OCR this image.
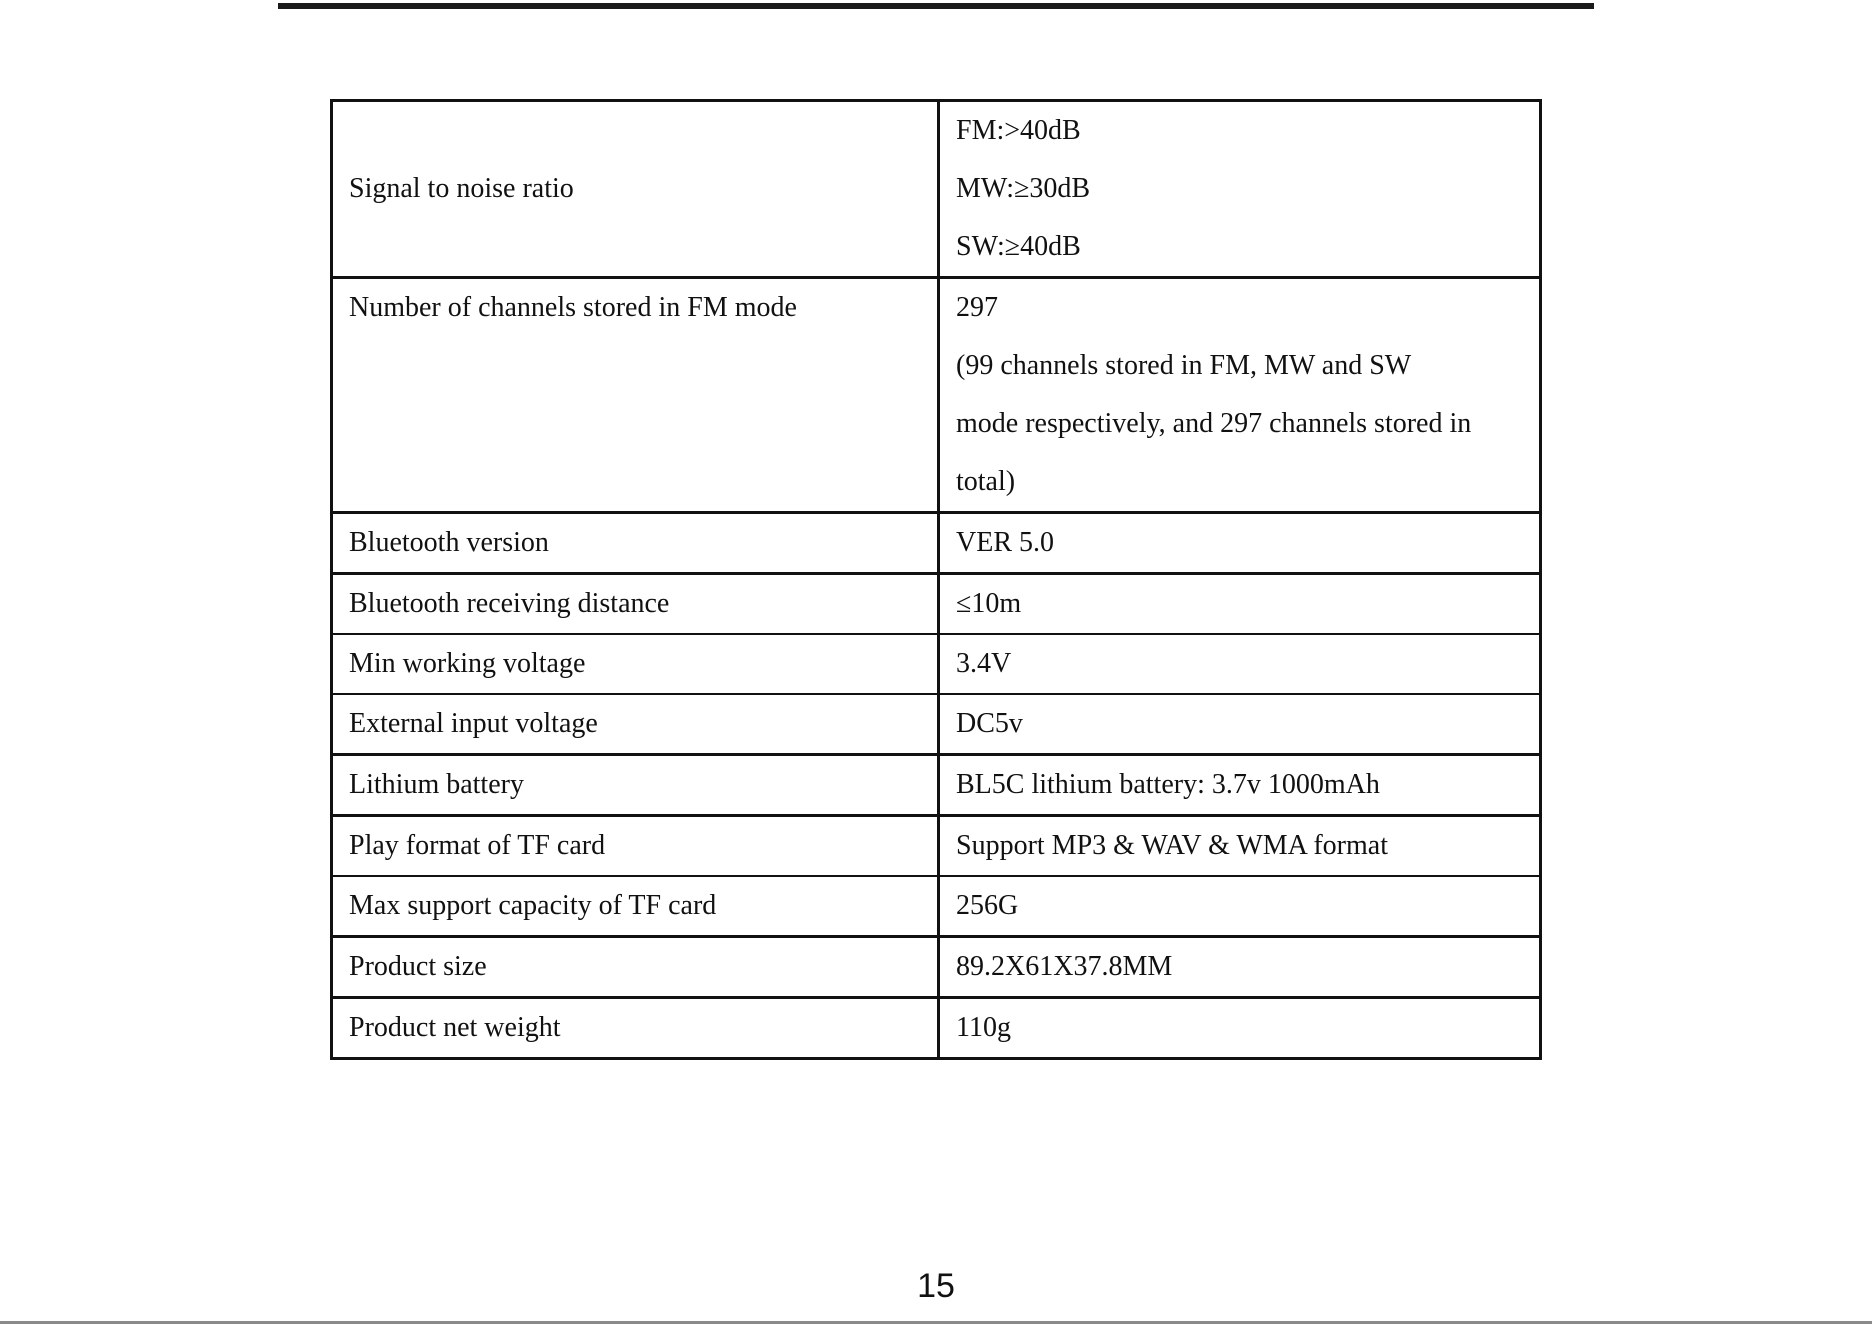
Signal to noise ratio	FM:>40dB
MW:≥30dB
SW:≥40dB

Number of channels stored in FM mode	297
(99 channels stored in FM, MW and SW
mode respectively, and 297 channels stored in
total)

Bluetooth version	VER 5.0
Bluetooth receiving distance	≤10m
Min working voltage	3.4V
External input voltage	DC5v
Lithium battery	BL5C lithium battery: 3.7v 1000mAh
Play format of TF card	Support MP3 & WAV & WMA format
Max support capacity of TF card	256G
Product size	89.2X61X37.8MM
Product net weight	110g
15
